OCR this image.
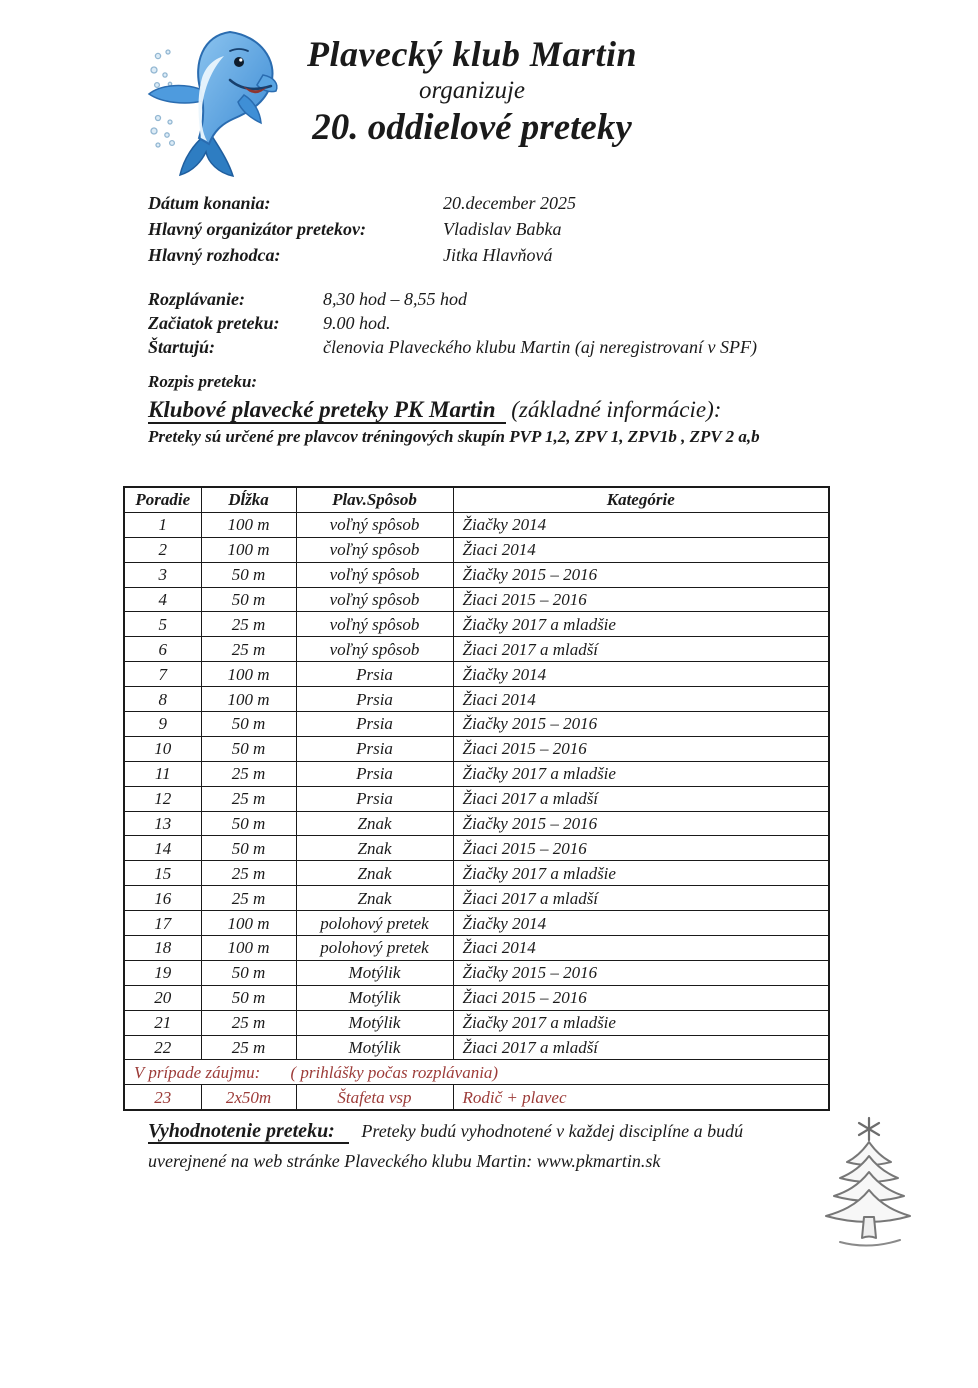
Plavecký klub Martin
organizuje
20. oddielové preteky
Dátum konania:	20.december 2025
Hlavný organizátor pretekov:	Vladislav Babka
Hlavný rozhodca:	Jitka Hlavňová
Rozplávanie:	8,30 hod – 8,55 hod
Začiatok preteku:	9.00 hod.
Štartujú:	členovia Plaveckého klubu Martin (aj neregistrovaní v SPF)
Rozpis preteku:
Klubové plavecké preteky PK Martin (základné informácie):
Preteky sú určené pre plavcov tréningových skupín PVP 1,2, ZPV 1, ZPV1b , ZPV 2 a,b
Poradie	Dĺžka	Plav.Spôsob	Kategórie
1	100 m	voľný spôsob	Žiačky 2014
2	100 m	voľný spôsob	Žiaci 2014
3	50 m	voľný spôsob	Žiačky 2015 – 2016
4	50 m	voľný spôsob	Žiaci 2015 – 2016
5	25 m	voľný spôsob	Žiačky 2017 a mladšie
6	25 m	voľný spôsob	Žiaci 2017 a mladší
7	100 m	Prsia	Žiačky 2014
8	100 m	Prsia	Žiaci 2014
9	50 m	Prsia	Žiačky 2015 – 2016
10	50 m	Prsia	Žiaci 2015 – 2016
11	25 m	Prsia	Žiačky 2017 a mladšie
12	25 m	Prsia	Žiaci 2017 a mladší
13	50 m	Znak	Žiačky 2015 – 2016
14	50 m	Znak	Žiaci 2015 – 2016
15	25 m	Znak	Žiačky 2017 a mladšie
16	25 m	Znak	Žiaci 2017 a mladší
17	100 m	polohový pretek	Žiačky 2014
18	100 m	polohový pretek	Žiaci 2014
19	50 m	Motýlik	Žiačky 2015 – 2016
20	50 m	Motýlik	Žiaci 2015 – 2016
21	25 m	Motýlik	Žiačky 2017 a mladšie
22	25 m	Motýlik	Žiaci 2017 a mladší
V prípade záujmu: ( prihlášky počas rozplávania)			
23	2x50m	Štafeta vsp	Rodič + plavec
Vyhodnotenie preteku: Preteky budú vyhodnotené v každej disciplíne a budú
uverejnené na web stránke Plaveckého klubu Martin: www.pkmartin.sk
